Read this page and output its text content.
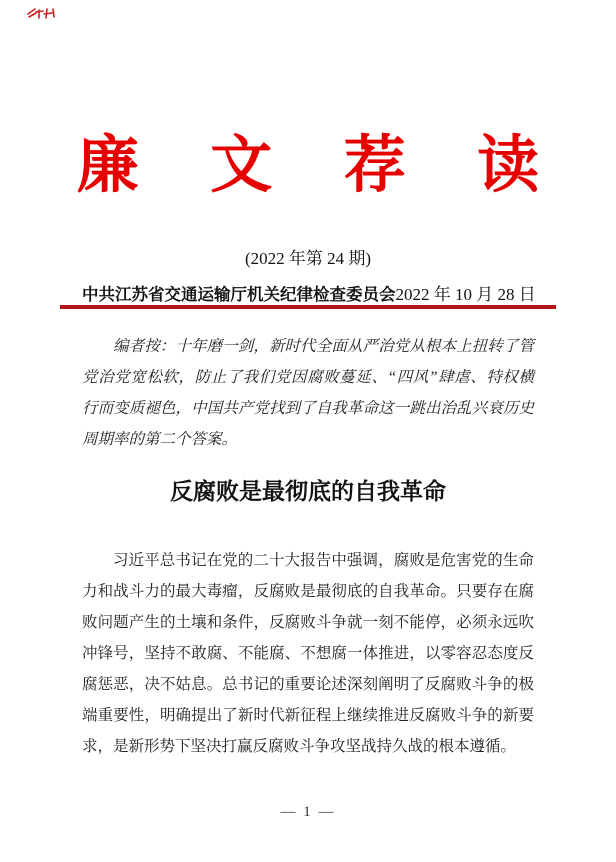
廉 文 荐 读
(2022 年第 24 期)
中共江苏省交通运输厅机关纪律检查委员会 2022 年 10 月 28 日
编者按：十年磨一剑，新时代全面从严治党从根本上扭转了管
党治党宽松软，防止了我们党因腐败蔓延、“四风”肆虐、特权横
行而变质褪色，中国共产党找到了自我革命这一跳出治乱兴衰历史
周期率的第二个答案。
反腐败是最彻底的自我革命
习近平总书记在党的二十大报告中强调，腐败是危害党的生命
力和战斗力的最大毒瘤，反腐败是最彻底的自我革命。只要存在腐
败问题产生的土壤和条件，反腐败斗争就一刻不能停，必须永远吹
冲锋号，坚持不敢腐、不能腐、不想腐一体推进，以零容忍态度反
腐惩恶，决不姑息。总书记的重要论述深刻阐明了反腐败斗争的极
端重要性，明确提出了新时代新征程上继续推进反腐败斗争的新要
求，是新形势下坚决打赢反腐败斗争攻坚战持久战的根本遵循。
— 1 —
